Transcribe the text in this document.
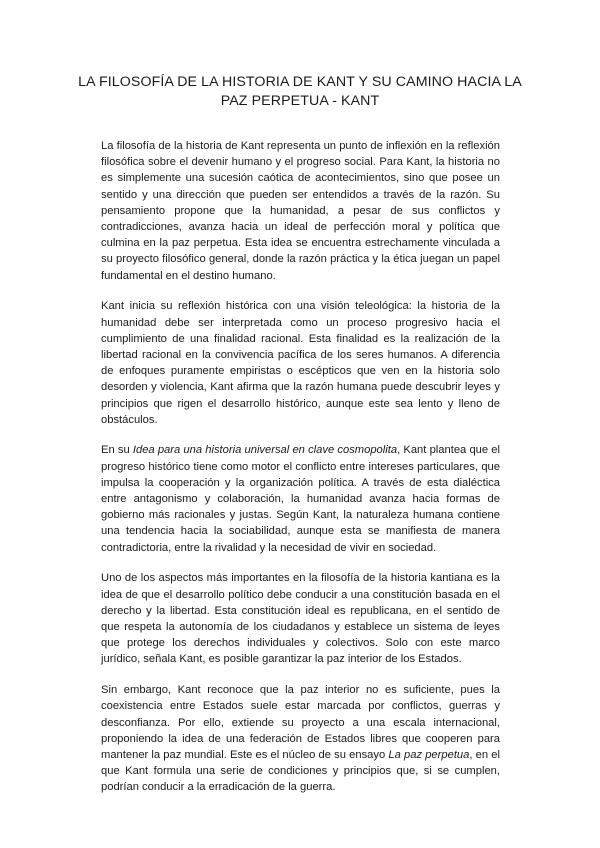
LA FILOSOFÍA DE LA HISTORIA DE KANT Y SU CAMINO HACIA LA PAZ PERPETUA - KANT

La filosofía de la historia de Kant representa un punto de inflexión en la reflexión filosófica sobre el devenir humano y el progreso social. Para Kant, la historia no es simplemente una sucesión caótica de acontecimientos, sino que posee un sentido y una dirección que pueden ser entendidos a través de la razón. Su pensamiento propone que la humanidad, a pesar de sus conflictos y contradicciones, avanza hacia un ideal de perfección moral y política que culmina en la paz perpetua. Esta idea se encuentra estrechamente vinculada a su proyecto filosófico general, donde la razón práctica y la ética juegan un papel fundamental en el destino humano.

Kant inicia su reflexión histórica con una visión teleológica: la historia de la humanidad debe ser interpretada como un proceso progresivo hacia el cumplimiento de una finalidad racional. Esta finalidad es la realización de la libertad racional en la convivencia pacífica de los seres humanos. A diferencia de enfoques puramente empiristas o escépticos que ven en la historia solo desorden y violencia, Kant afirma que la razón humana puede descubrir leyes y principios que rigen el desarrollo histórico, aunque este sea lento y lleno de obstáculos.

En su Idea para una historia universal en clave cosmopolita, Kant plantea que el progreso histórico tiene como motor el conflicto entre intereses particulares, que impulsa la cooperación y la organización política. A través de esta dialéctica entre antagonismo y colaboración, la humanidad avanza hacia formas de gobierno más racionales y justas. Según Kant, la naturaleza humana contiene una tendencia hacia la sociabilidad, aunque esta se manifiesta de manera contradictoria, entre la rivalidad y la necesidad de vivir en sociedad.

Uno de los aspectos más importantes en la filosofía de la historia kantiana es la idea de que el desarrollo político debe conducir a una constitución basada en el derecho y la libertad. Esta constitución ideal es republicana, en el sentido de que respeta la autonomía de los ciudadanos y establece un sistema de leyes que protege los derechos individuales y colectivos. Solo con este marco jurídico, señala Kant, es posible garantizar la paz interior de los Estados.

Sin embargo, Kant reconoce que la paz interior no es suficiente, pues la coexistencia entre Estados suele estar marcada por conflictos, guerras y desconfianza. Por ello, extiende su proyecto a una escala internacional, proponiendo la idea de una federación de Estados libres que cooperen para mantener la paz mundial. Este es el núcleo de su ensayo La paz perpetua, en el que Kant formula una serie de condiciones y principios que, si se cumplen, podrían conducir a la erradicación de la guerra.
